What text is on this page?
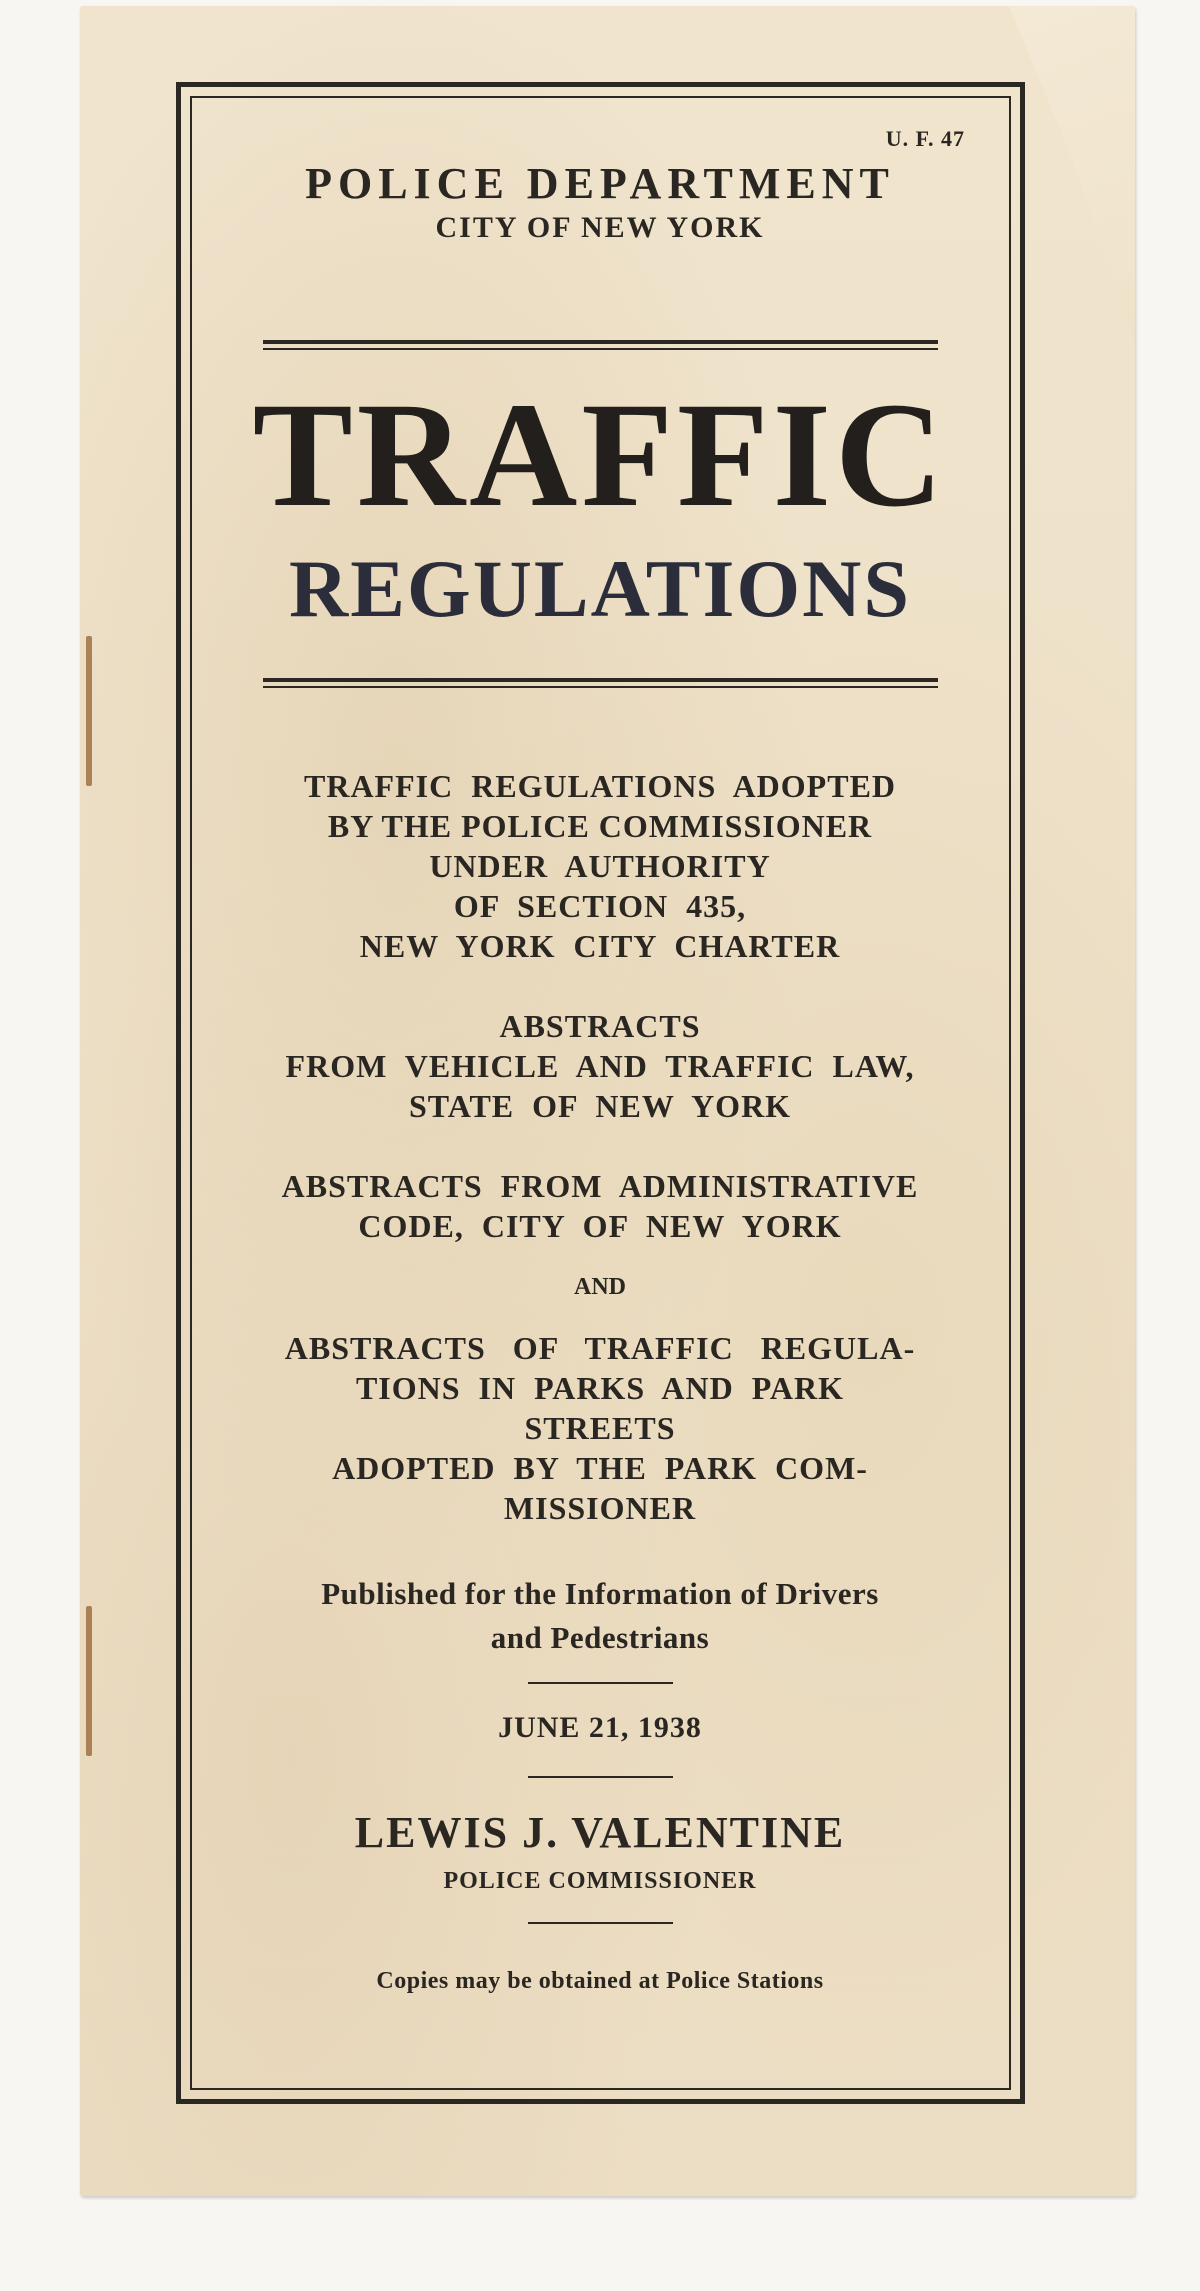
U. F. 47
POLICE DEPARTMENT
CITY OF NEW YORK
TRAFFIC
REGULATIONS
TRAFFIC  REGULATIONS  ADOPTED
BY THE POLICE COMMISSIONER
UNDER  AUTHORITY
OF  SECTION  435,
NEW  YORK  CITY  CHARTER
ABSTRACTS
FROM  VEHICLE  AND  TRAFFIC  LAW,
STATE  OF  NEW  YORK
ABSTRACTS  FROM  ADMINISTRATIVE
CODE,  CITY  OF  NEW  YORK
AND
ABSTRACTS   OF   TRAFFIC   REGULA-
TIONS  IN  PARKS  AND  PARK
STREETS
ADOPTED  BY  THE  PARK  COM-
MISSIONER
Published for the Information of Drivers
and Pedestrians
JUNE 21, 1938
LEWIS J. VALENTINE
POLICE COMMISSIONER
Copies may be obtained at Police Stations
